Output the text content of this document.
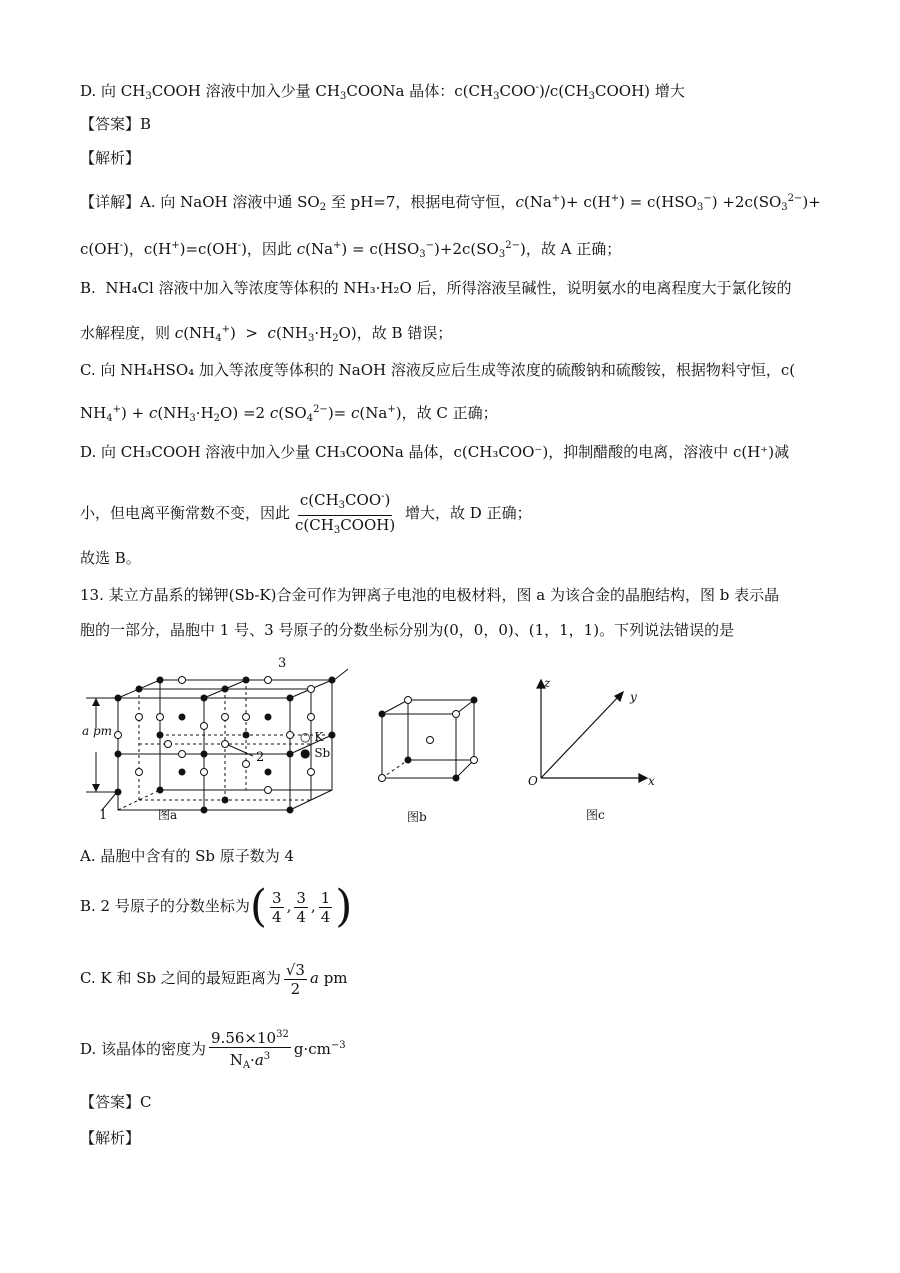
D. 向 $CH_3COOH$ 溶液中加入少量 $CH_3COONa$ 晶体：$c(CH_3COO^-)/c(CH_3COOH)$ 增大
【答案】B
【解析】
【详解】A. 向 NaOH 溶液中通 $SO_2$ 至 pH=7，根据电荷守恒，$c(Na^+)+ c(H^+) = c(HSO_3^-) +2c(SO_3^{2-})+$
c(OH-)，c(H+)=c(OH-)，因此 $c(Na^+) = c(HSO_3^-)+2c(SO_3^{2-})$，故 A 正确；
B.  NH₄Cl 溶液中加入等浓度等体积的 NH₃·H₂O 后，所得溶液呈碱性，说明氨水的电离程度大于氯化铵的
水解程度，则 $c(NH_4^+) > c(NH_3\cdot H_2O)$，故 B 错误；
C. 向 NH₄HSO₄ 加入等浓度等体积的 NaOH 溶液反应后生成等浓度的硫酸钠和硫酸铵，根据物料守恒，c(
$NH_4^+) + c(NH_3\cdot H_2O) =2$ $c(SO_4^{2-})= c(Na^+)$，故 C 正确；
D. 向 CH₃COOH 溶液中加入少量 CH₃COONa 晶体，c(CH₃COO⁻)，抑制醋酸的电离，溶液中 c(H⁺)减
小，但电离平衡常数不变，因此 $\frac{c(CH_3COO^-)}{c(CH_3COOH)}$ 增大，故 D 正确；
故选 B。
13. 某立方晶系的锑钾(Sb-K)合金可作为钾离子电池的电极材料，图 a 为该合金的晶胞结构，图 b 表示晶
胞的一部分，晶胞中 1 号、3 号原子的分数坐标分别为(0，0，0)、(1，1，1)。下列说法错误的是
a pm
1
2
3
图a
○ K
● Sb
图b
z
y
x
O
图c
A. 晶胞中含有的 Sb 原子数为 4
B. 2 号原子的分数坐标为( $\frac{3}{4}$ , $\frac{3}{4}$ , $\frac{1}{4}$ )
C. K 和 Sb 之间的最短距离为 $\frac{√3}{2}$ a pm
D. 该晶体的密度为 $\frac{9.56\times 10^{32}}{N_A\cdot a^3} g\cdot cm^{-3}$
【答案】C
【解析】
